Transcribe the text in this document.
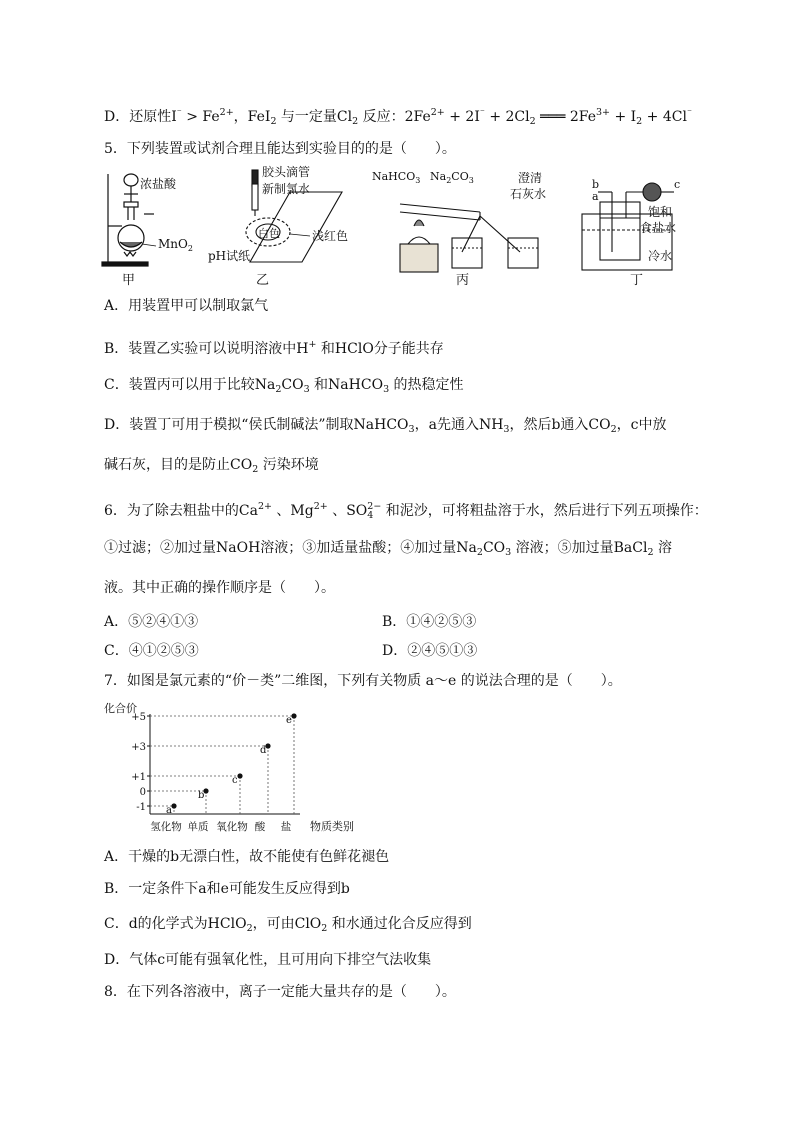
D．还原性$I^{^-} > Fe^{2+}$，FeI$_2$ 与一定量$Cl_2$ 反应：$2Fe^{2+} + 2I^{^-} + 2Cl_2$ ═══ $2Fe^{3+} + I_2 + 4Cl^{^-}$
5．下列装置或试剂合理且能达到实验目的的是（　　）。
浓盐酸
MnO$_2$
甲
胶头滴管
新制氯水
白色	浅红色
pH试纸
乙
NaHCO$_3$ $Na_2CO_3$	澄清
石灰水
丙
b
a
c
饱和
食盐水
冷水
丁
A．用装置甲可以制取氯气
B．装置乙实验可以说明溶液中H+ 和HClO分子能共存
C．装置丙可以用于比较$Na_2CO_3$ 和NaHCO$_3$ 的热稳定性
D．装置丁可用于模拟“侯氏制碱法”制取NaHCO$_3$，a先通入$NH_3$，然后b通入$CO_2$，c中放
碱石灰，目的是防止$CO_2$ 污染环境
6．为了除去粗盐中的$Ca^{2+}$ 、$Mg^{2+}$ 、SO2−
4 和泥沙，可将粗盐溶于水，然后进行下列五项操作：
①过滤；②加过量NaOH溶液；③加适量盐酸；④加过量$Na_2CO_3$ 溶液；⑤加过量BaCl$_2$ 溶
液。其中正确的操作顺序是（　　）。
A．⑤②④①③	B．①④②⑤③
C．④①②⑤③	D．②④⑤①③
7．如图是氯元素的“价－类”二维图，下列有关物质 a～e 的说法合理的是（　　）。
化合价
+5
+3
+1
0
-1
氢化物 单质 氧化物 酸 盐
a
b
c
d
e
物质类别
A．干燥的b无漂白性，故不能使有色鲜花褪色
B．一定条件下a和e可能发生反应得到b
C．d的化学式为HClO$_2$，可由ClO$_2$ 和水通过化合反应得到
D．气体c可能有强氧化性，且可用向下排空气法收集
8．在下列各溶液中，离子一定能大量共存的是（　　）。
